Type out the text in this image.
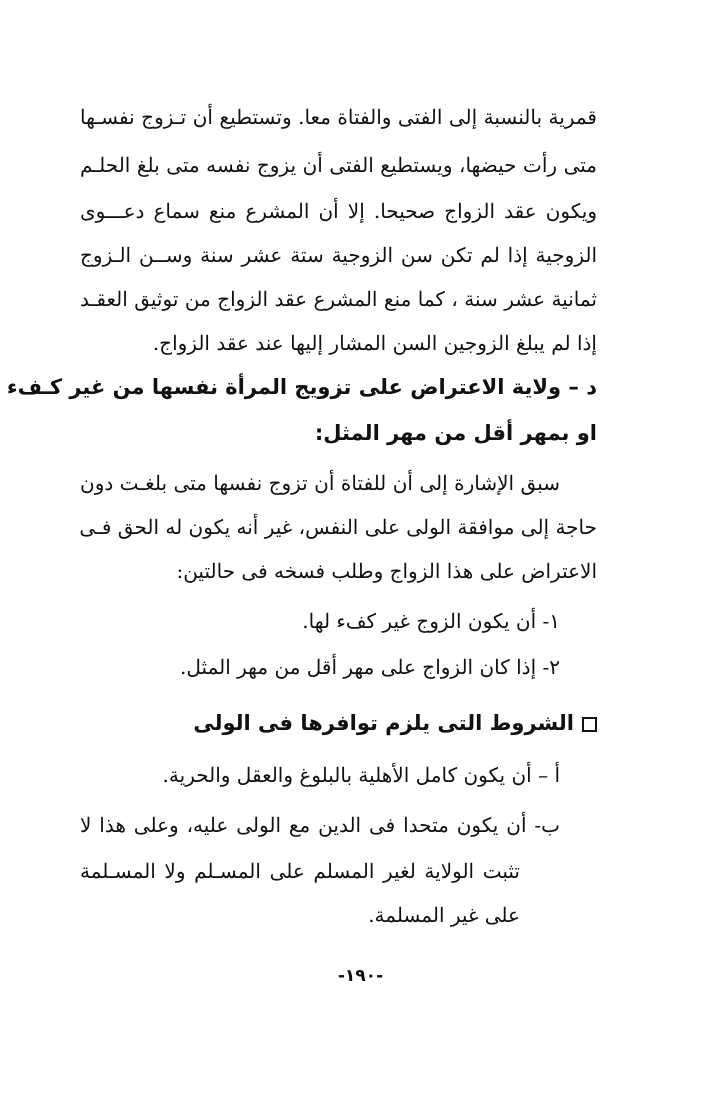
قمرية بالنسبة إلى الفتى والفتاة معا. وتستطيع أن تـزوج نفسـها
متى رأت حيضها، ويستطيع الفتى أن يزوج نفسه متى بلغ الحلـم
ويكون عقد الزواج صحيحا. إلا أن المشرع منع سماع دعـــوى
الزوجية إذا لم تكن سن الزوجية ستة عشر سنة وســن الـزوج
ثمانية عشر سنة ، كما منع المشرع عقد الزواج من توثيق العقـد
إذا لم يبلغ الزوجين السن المشار إليها عند عقد الزواج.
د – ولاية الاعتراض على تزويج المرأة نفسها من غير كـفء
او بمهر أقل من مهر المثل:
سبق الإشارة إلى أن للفتاة أن تزوج نفسها متى بلغـت دون
حاجة إلى موافقة الولى على النفس، غير أنه يكون له الحق فـى
الاعتراض على هذا الزواج وطلب فسخه فى حالتين:
١- أن يكون الزوج غير كفء لها.
٢- إذا كان الزواج على مهر أقل من مهر المثل.
الشروط التى يلزم توافرها فى الولى
أ – أن يكون كامل الأهلية بالبلوغ والعقل والحرية.
ب- أن يكون متحدا فى الدين مع الولى عليه، وعلى هذا لا
تثبت الولاية لغير المسلم على المسـلم ولا المسـلمة
على غير المسلمة.
-١٩٠-
